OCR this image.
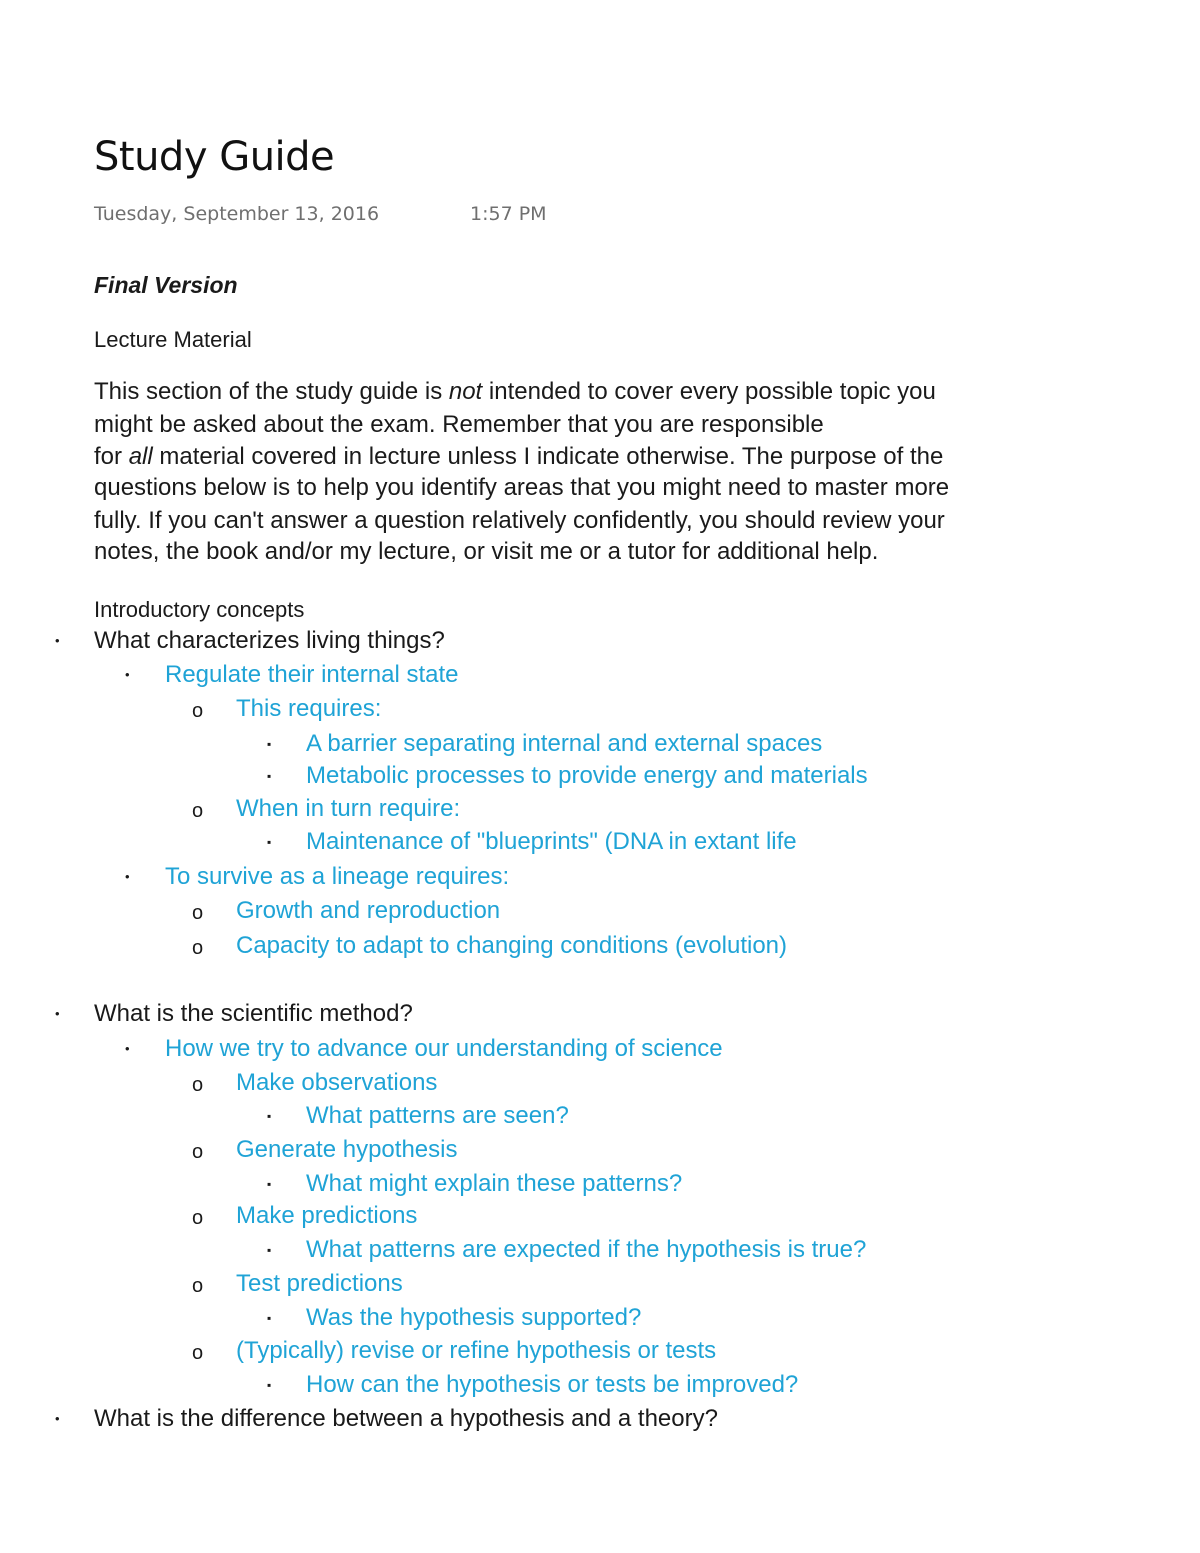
Study Guide
Tuesday, September 13, 2016	1:57 PM
Final Version
Lecture Material
This section of the study guide is not intended to cover every possible topic you
might be asked about the exam. Remember that you are responsible
for all material covered in lecture unless I indicate otherwise. The purpose of the
questions below is to help you identify areas that you might need to master more
fully. If you can't answer a question relatively confidently, you should review your
notes, the book and/or my lecture, or visit me or a tutor for additional help.
Introductory concepts
• What characterizes living things?
• Regulate their internal state
o This requires:
▪ A barrier separating internal and external spaces
▪ Metabolic processes to provide energy and materials
o When in turn require:
▪ Maintenance of "blueprints" (DNA in extant life
• To survive as a lineage requires:
o Growth and reproduction
o Capacity to adapt to changing conditions (evolution)
• What is the scientific method?
• How we try to advance our understanding of science
o Make observations
▪ What patterns are seen?
o Generate hypothesis
▪ What might explain these patterns?
o Make predictions
▪ What patterns are expected if the hypothesis is true?
o Test predictions
▪ Was the hypothesis supported?
o (Typically) revise or refine hypothesis or tests
▪ How can the hypothesis or tests be improved?
• What is the difference between a hypothesis and a theory?
